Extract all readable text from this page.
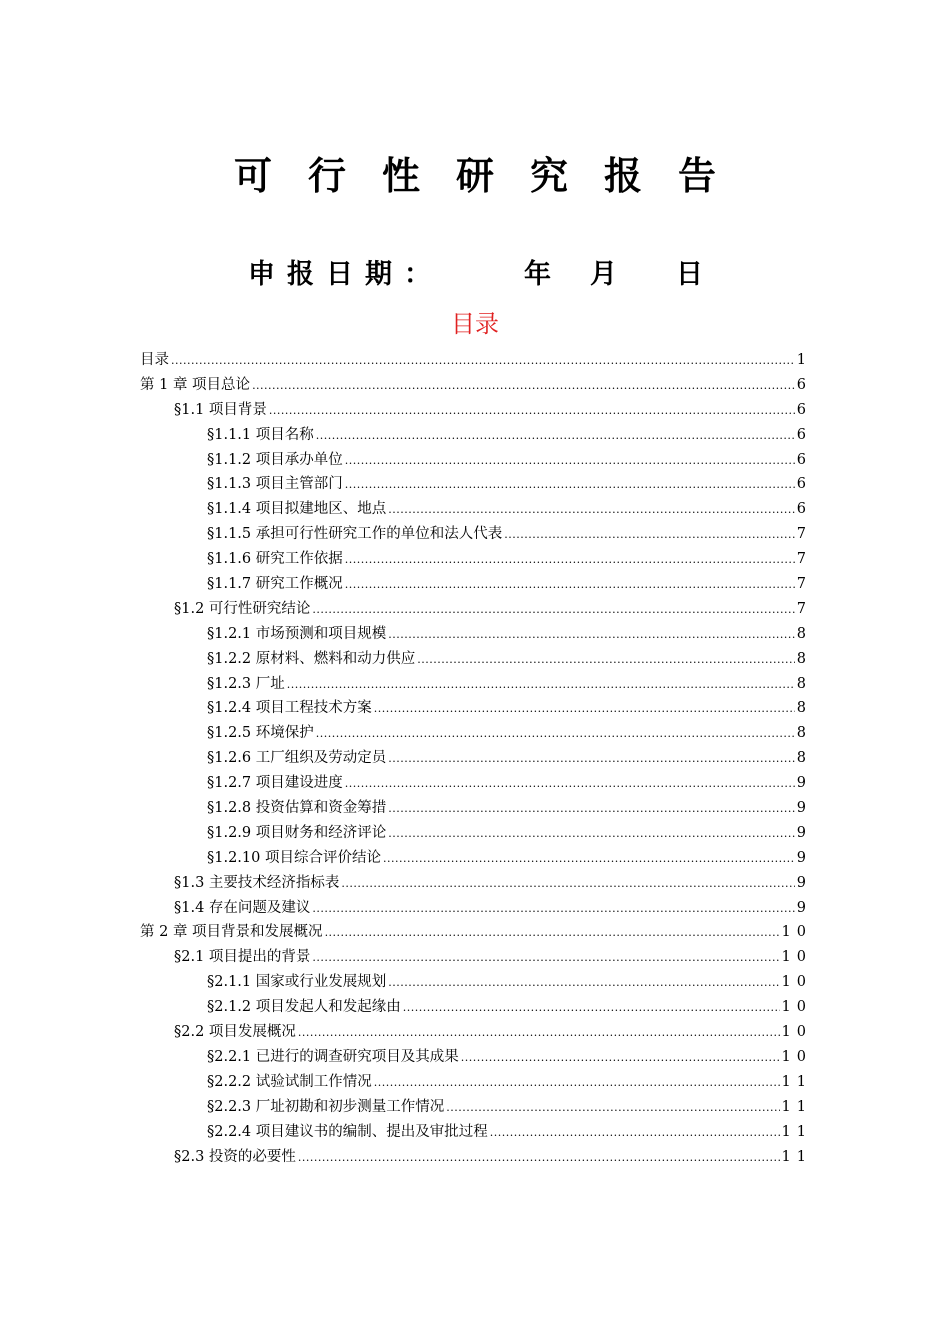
可行性研究报告
申报日期：	年 月 日
目录
目录 .....	1
第 1 章 项目总论 .....	6
§1.1 项目背景 .....	6
§1.1.1 项目名称 .....	6
§1.1.2 项目承办单位 .....	6
§1.1.3 项目主管部门 .....	6
§1.1.4 项目拟建地区、地点 .....	6
§1.1.5 承担可行性研究工作的单位和法人代表 .....	7
§1.1.6 研究工作依据 .....	7
§1.1.7 研究工作概况 .....	7
§1.2 可行性研究结论 .....	7
§1.2.1 市场预测和项目规模 .....	8
§1.2.2 原材料、燃料和动力供应 .....	8
§1.2.3 厂址 .....	8
§1.2.4 项目工程技术方案 .....	8
§1.2.5 环境保护 .....	8
§1.2.6 工厂组织及劳动定员 .....	8
§1.2.7 项目建设进度 .....	9
§1.2.8 投资估算和资金筹措 .....	9
§1.2.9 项目财务和经济评论 .....	9
§1.2.10 项目综合评价结论 .....	9
§1.3 主要技术经济指标表 .....	9
§1.4 存在问题及建议 .....	9
第 2 章 项目背景和发展概况 .....	10
§2.1 项目提出的背景 .....	10
§2.1.1 国家或行业发展规划 .....	10
§2.1.2 项目发起人和发起缘由 .....	10
§2.2 项目发展概况 .....	10
§2.2.1 已进行的调查研究项目及其成果 .....	10
§2.2.2 试验试制工作情况 .....	11
§2.2.3 厂址初勘和初步测量工作情况 .....	11
§2.2.4 项目建议书的编制、提出及审批过程 .....	11
§2.3 投资的必要性 .....	11
